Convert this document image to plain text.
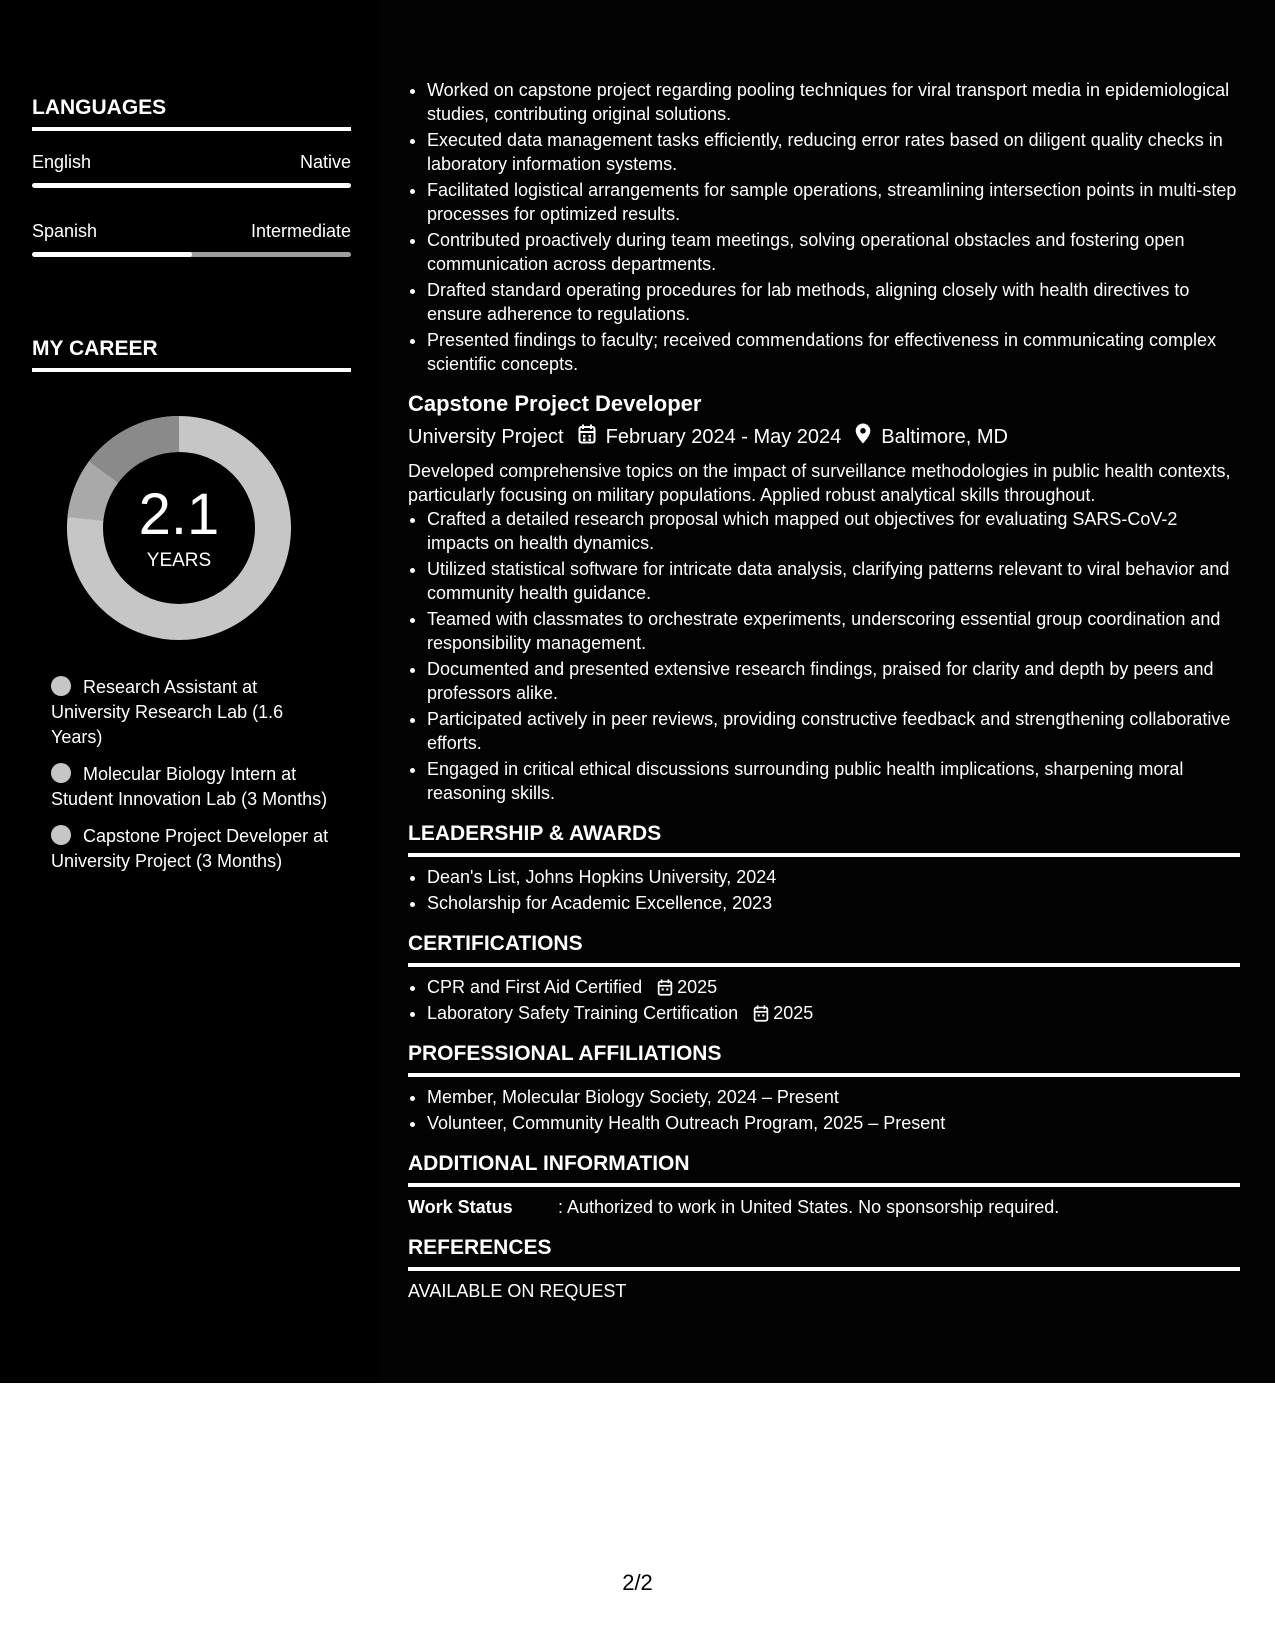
LANGUAGES
English	Native
Spanish	Intermediate
MY CAREER
2.1
YEARS
Research Assistant at University Research Lab (1.6 Years)
Molecular Biology Intern at Student Innovation Lab (3 Months)
Capstone Project Developer at University Project (3 Months)
• Worked on capstone project regarding pooling techniques for viral transport media in epidemiological studies, contributing original solutions.
• Executed data management tasks efficiently, reducing error rates based on diligent quality checks in laboratory information systems.
• Facilitated logistical arrangements for sample operations, streamlining intersection points in multi-step processes for optimized results.
• Contributed proactively during team meetings, solving operational obstacles and fostering open communication across departments.
• Drafted standard operating procedures for lab methods, aligning closely with health directives to ensure adherence to regulations.
• Presented findings to faculty; received commendations for effectiveness in communicating complex scientific concepts.
Capstone Project Developer
University Project February 2024 - May 2024 Baltimore, MD
Developed comprehensive topics on the impact of surveillance methodologies in public health contexts, particularly focusing on military populations. Applied robust analytical skills throughout.
• Crafted a detailed research proposal which mapped out objectives for evaluating SARS-CoV-2 impacts on health dynamics.
• Utilized statistical software for intricate data analysis, clarifying patterns relevant to viral behavior and community health guidance.
• Teamed with classmates to orchestrate experiments, underscoring essential group coordination and responsibility management.
• Documented and presented extensive research findings, praised for clarity and depth by peers and professors alike.
• Participated actively in peer reviews, providing constructive feedback and strengthening collaborative efforts.
• Engaged in critical ethical discussions surrounding public health implications, sharpening moral reasoning skills.
LEADERSHIP & AWARDS
• Dean's List, Johns Hopkins University, 2024
• Scholarship for Academic Excellence, 2023
CERTIFICATIONS
• CPR and First Aid Certified 2025
• Laboratory Safety Training Certification 2025
PROFESSIONAL AFFILIATIONS
• Member, Molecular Biology Society, 2024 – Present
• Volunteer, Community Health Outreach Program, 2025 – Present
ADDITIONAL INFORMATION
Work Status	: Authorized to work in United States. No sponsorship required.
REFERENCES
AVAILABLE ON REQUEST
2/2
